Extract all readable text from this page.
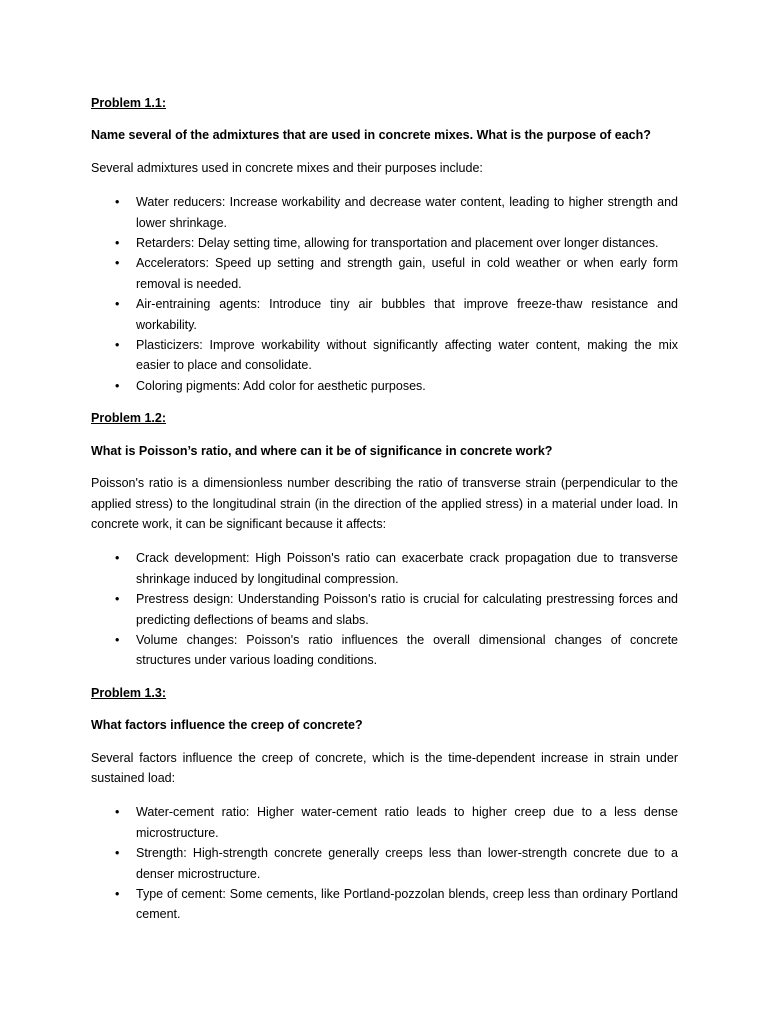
Problem 1.1:

Name several of the admixtures that are used in concrete mixes. What is the purpose of each?

Several admixtures used in concrete mixes and their purposes include:

• Water reducers: Increase workability and decrease water content, leading to higher strength and lower shrinkage.
• Retarders: Delay setting time, allowing for transportation and placement over longer distances.
• Accelerators: Speed up setting and strength gain, useful in cold weather or when early form removal is needed.
• Air-entraining agents: Introduce tiny air bubbles that improve freeze-thaw resistance and workability.
• Plasticizers: Improve workability without significantly affecting water content, making the mix easier to place and consolidate.
• Coloring pigments: Add color for aesthetic purposes.

Problem 1.2:

What is Poisson’s ratio, and where can it be of significance in concrete work?

Poisson's ratio is a dimensionless number describing the ratio of transverse strain (perpendicular to the applied stress) to the longitudinal strain (in the direction of the applied stress) in a material under load. In concrete work, it can be significant because it affects:

• Crack development: High Poisson's ratio can exacerbate crack propagation due to transverse shrinkage induced by longitudinal compression.
• Prestress design: Understanding Poisson's ratio is crucial for calculating prestressing forces and predicting deflections of beams and slabs.
• Volume changes: Poisson's ratio influences the overall dimensional changes of concrete structures under various loading conditions.

Problem 1.3:

What factors influence the creep of concrete?

Several factors influence the creep of concrete, which is the time-dependent increase in strain under sustained load:

• Water-cement ratio: Higher water-cement ratio leads to higher creep due to a less dense microstructure.
• Strength: High-strength concrete generally creeps less than lower-strength concrete due to a denser microstructure.
• Type of cement: Some cements, like Portland-pozzolan blends, creep less than ordinary Portland cement.
